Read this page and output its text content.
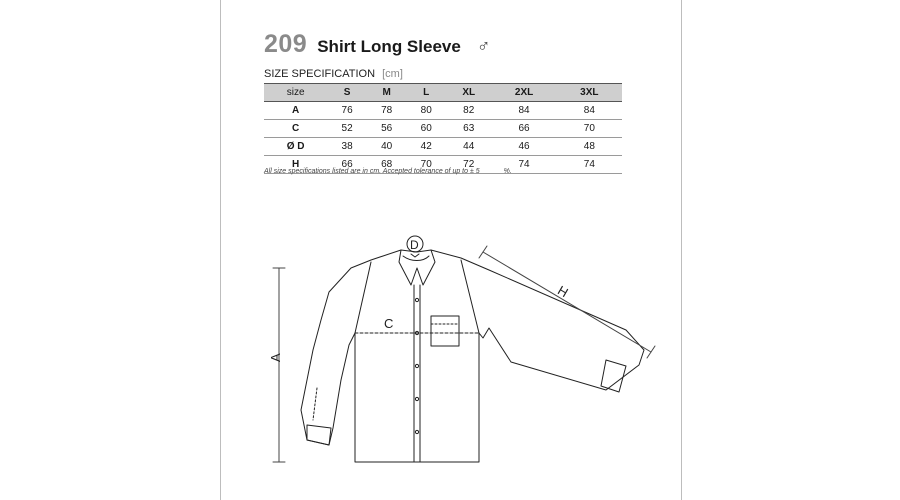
209 Shirt Long Sleeve ♂
SIZE SPECIFICATION [cm]
size	S	M	L	XL	2XL	3XL
A	76	78	80	82	84	84
C	52	56	60	63	66	70
Ø D	38	40	42	44	46	48
H	66	68	70	72	74	74
All size specifications listed are in cm. Accepted tolerance of up to ± 5	%.
A
C
D
H
